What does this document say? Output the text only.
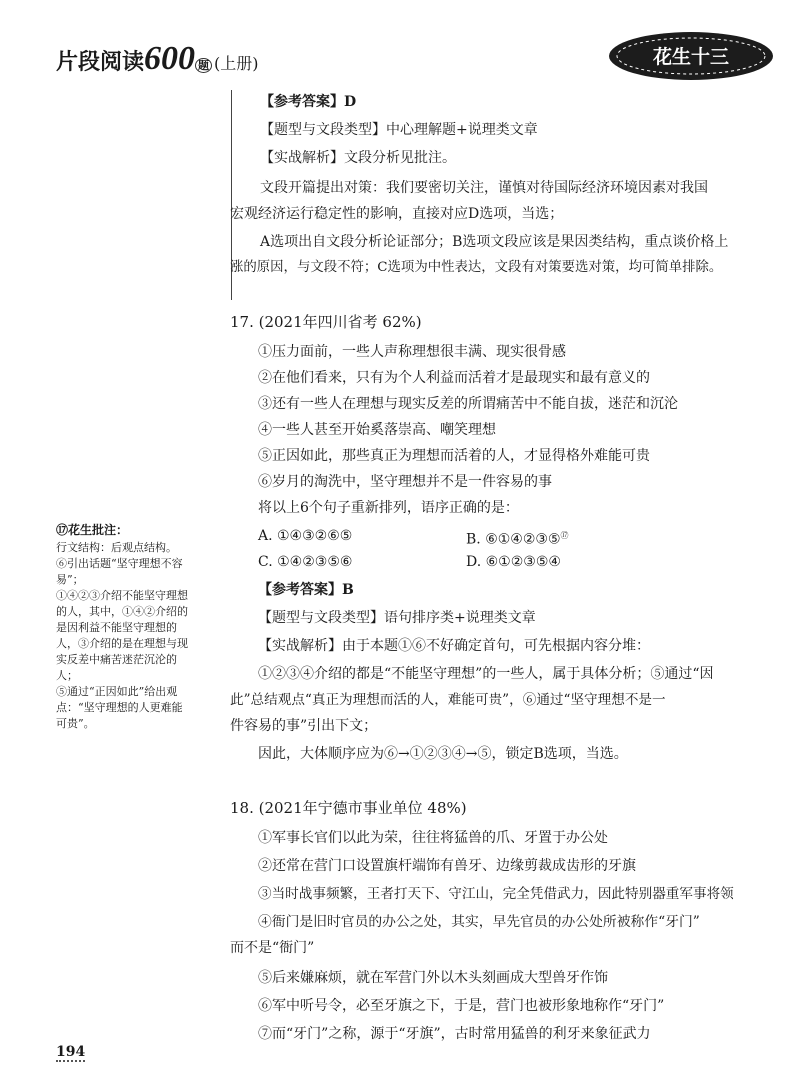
片段阅读600 题 (上册)	花生十三
【参考答案】D
【题型与文段类型】中心理解题+说理类文章
【实战解析】文段分析见批注。
文段开篇提出对策：我们要密切关注，谨慎对待国际经济环境因素对我国
宏观经济运行稳定性的影响，直接对应D选项，当选；
A选项出自文段分析论证部分；B选项文段应该是果因类结构，重点谈价格上
涨的原因，与文段不符；C选项为中性表达，文段有对策要选对策，均可简单排除。
17. (2021年四川省考 62%)
①压力面前，一些人声称理想很丰满、现实很骨感
②在他们看来，只有为个人利益而活着才是最现实和最有意义的
③还有一些人在理想与现实反差的所谓痛苦中不能自拔，迷茫和沉沦
④一些人甚至开始奚落崇高、嘲笑理想
⑤正因如此，那些真正为理想而活着的人，才显得格外难能可贵
⑥岁月的淘洗中，坚守理想并不是一件容易的事
将以上6个句子重新排列，语序正确的是：
A. ①④③②⑥⑤	B. ⑥①④②③⑤⑰
C. ①④②③⑤⑥	D. ⑥①②③⑤④
【参考答案】B
【题型与文段类型】语句排序类+说理类文章
【实战解析】由于本题①⑥不好确定首句，可先根据内容分堆：
①②③④介绍的都是“不能坚守理想”的一些人，属于具体分析；⑤通过“因
此”总结观点“真正为理想而活的人，难能可贵”，⑥通过“坚守理想不是一
件容易的事”引出下文；
因此，大体顺序应为⑥→①②③④→⑤，锁定B选项，当选。
18. (2021年宁德市事业单位 48%)
①军事长官们以此为荣，往往将猛兽的爪、牙置于办公处
②还常在营门口设置旗杆端饰有兽牙、边缘剪裁成齿形的牙旗
③当时战事频繁，王者打天下、守江山，完全凭借武力，因此特别器重军事将领
④衙门是旧时官员的办公之处，其实，早先官员的办公处所被称作“牙门”
而不是“衙门”
⑤后来嫌麻烦，就在军营门外以木头刻画成大型兽牙作饰
⑥军中听号令，必至牙旗之下，于是，营门也被形象地称作“牙门”
⑦而“牙门”之称，源于“牙旗”，古时常用猛兽的利牙来象征武力
⑰花生批注：
行文结构：后观点结构。
⑥引出话题“坚守理想不容
易”；
①④②③介绍不能坚守理想
的人，其中，①④②介绍的
是因利益不能坚守理想的
人，③介绍的是在理想与现
实反差中痛苦迷茫沉沦的
人；
⑤通过“正因如此”给出观
点：“坚守理想的人更难能
可贵”。
194
